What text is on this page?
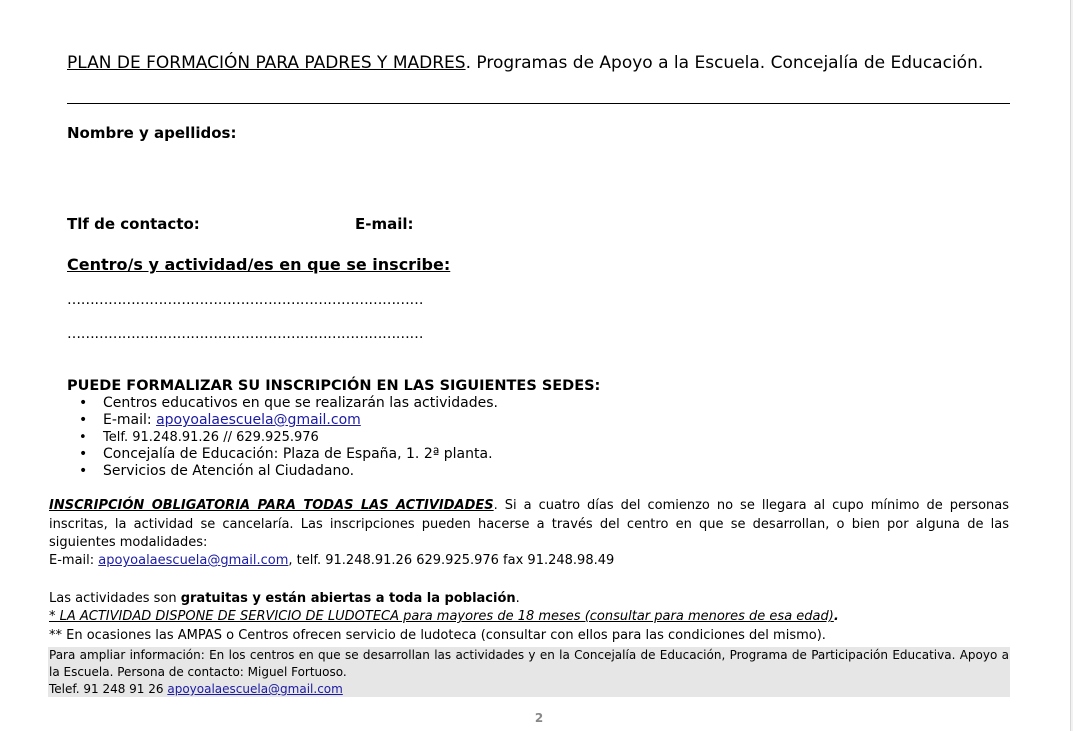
PLAN DE FORMACIÓN PARA PADRES Y MADRES. Programas de Apoyo a la Escuela. Concejalía de Educación.
Nombre y apellidos:
Tlf de contacto:	E-mail:
Centro/s y actividad/es en que se inscribe:
……………………………………………………………………
……………………………………………………………………
PUEDE FORMALIZAR SU INSCRIPCIÓN EN LAS SIGUIENTES SEDES:
• Centros educativos en que se realizarán las actividades.
• E-mail: apoyoalaescuela@gmail.com
• Telf. 91.248.91.26 // 629.925.976
• Concejalía de Educación: Plaza de España, 1. 2ª planta.
• Servicios de Atención al Ciudadano.
INSCRIPCIÓN OBLIGATORIA PARA TODAS LAS ACTIVIDADES. Si a cuatro días del comienzo no se llegara al cupo mínimo de personas inscritas, la actividad se cancelaría. Las inscripciones pueden hacerse a través del centro en que se desarrollan, o bien por alguna de las siguientes modalidades:
E-mail: apoyoalaescuela@gmail.com, telf. 91.248.91.26 629.925.976 fax 91.248.98.49
Las actividades son gratuitas y están abiertas a toda la población.
* LA ACTIVIDAD DISPONE DE SERVICIO DE LUDOTECA para mayores de 18 meses (consultar para menores de esa edad).
** En ocasiones las AMPAS o Centros ofrecen servicio de ludoteca (consultar con ellos para las condiciones del mismo).
Para ampliar información: En los centros en que se desarrollan las actividades y en la Concejalía de Educación, Programa de Participación Educativa. Apoyo a la Escuela. Persona de contacto: Miguel Fortuoso.
Telef. 91 248 91 26 apoyoalaescuela@gmail.com
2
